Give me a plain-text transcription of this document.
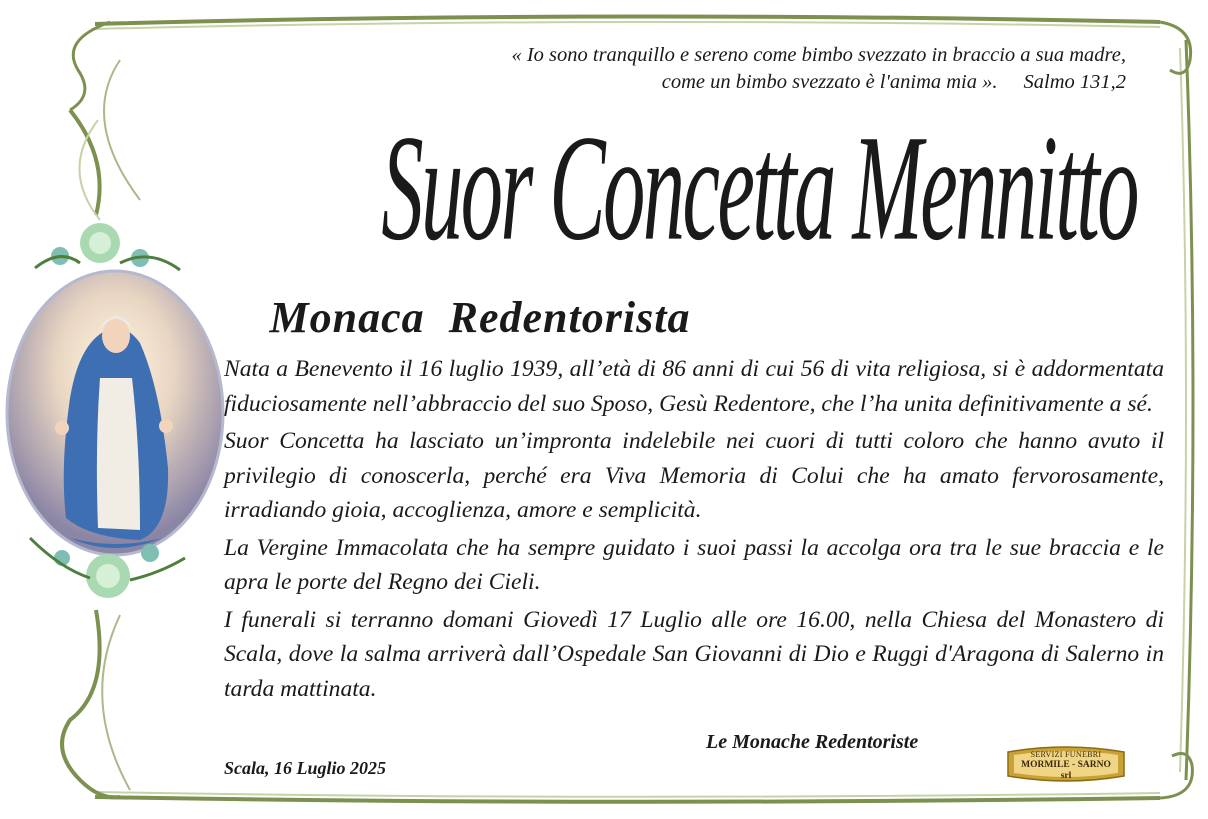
« Io sono tranquillo e sereno come bimbo svezzato in braccio a sua madre,
come un bimbo svezzato è l'anima mia ». Salmo 131,2
Suor Concetta Mennitto
Monaca  Redentorista

Nata a Benevento il 16 luglio 1939, all’età di 86 anni di cui 56 di vita religiosa, si è addormentata fiduciosamente nell’abbraccio del suo Sposo, Gesù Redentore, che l’ha unita definitivamente a sé.

Suor Concetta ha lasciato un’impronta indelebile nei cuori di tutti coloro che hanno avuto il privilegio di conoscerla, perché era Viva Memoria di Colui che ha amato fervorosamente, irradiando gioia, accoglienza, amore e semplicità.

La Vergine Immacolata che ha sempre guidato i suoi passi la accolga ora tra le sue braccia e le apra le porte del Regno dei Cieli.

I funerali si terranno domani Giovedì 17 Luglio alle ore 16.00, nella Chiesa del Monastero di Scala, dove la salma arriverà dall’Ospedale San Giovanni di Dio e Ruggi d'Aragona di Salerno in tarda mattinata.

Le Monache Redentoriste
Scala, 16 Luglio 2025
SERVIZI FUNEBRI
MORMILE - SARNO srl
